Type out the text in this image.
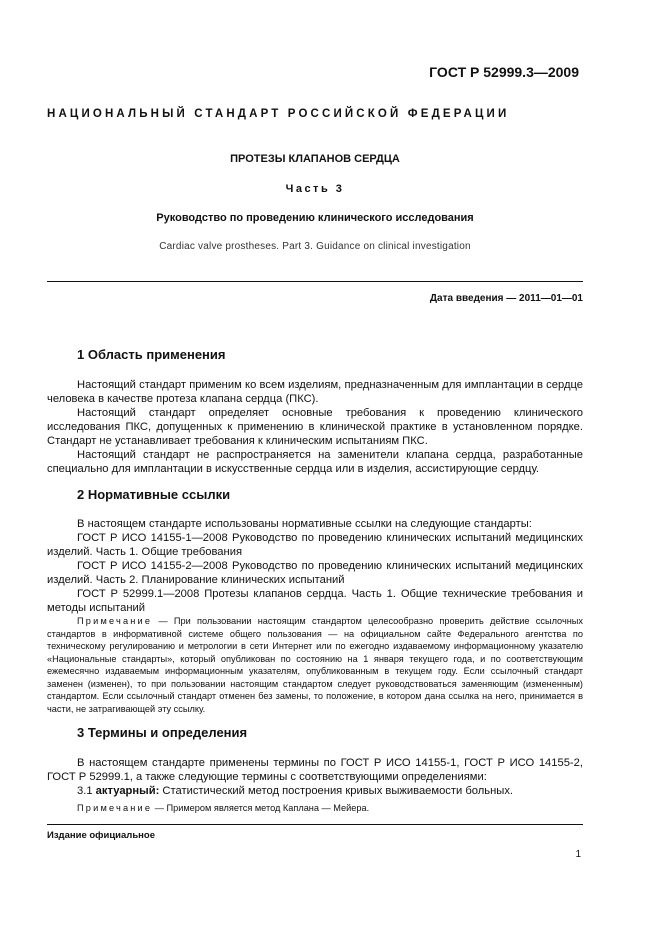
ГОСТ Р 52999.3—2009
НАЦИОНАЛЬНЫЙ СТАНДАРТ РОССИЙСКОЙ ФЕДЕРАЦИИ
ПРОТЕЗЫ КЛАПАНОВ СЕРДЦА
Часть 3
Руководство по проведению клинического исследования
Cardiac valve prostheses. Part 3. Guidance on clinical investigation
Дата введения — 2011—01—01
1 Область применения
Настоящий стандарт применим ко всем изделиям, предназначенным для имплантации в сердце человека в качестве протеза клапана сердца (ПКС).
Настоящий стандарт определяет основные требования к проведению клинического исследования ПКС, допущенных к применению в клинической практике в установленном порядке. Стандарт не устанавливает требования к клиническим испытаниям ПКС.
Настоящий стандарт не распространяется на заменители клапана сердца, разработанные специально для имплантации в искусственные сердца или в изделия, ассистирующие сердцу.
2 Нормативные ссылки
В настоящем стандарте использованы нормативные ссылки на следующие стандарты:
ГОСТ Р ИСО 14155-1—2008 Руководство по проведению клинических испытаний медицинских изделий. Часть 1. Общие требования
ГОСТ Р ИСО 14155-2—2008 Руководство по проведению клинических испытаний медицинских изделий. Часть 2. Планирование клинических испытаний
ГОСТ Р 52999.1—2008 Протезы клапанов сердца. Часть 1. Общие технические требования и методы испытаний
Примечание — При пользовании настоящим стандартом целесообразно проверить действие ссылочных стандартов в информативной системе общего пользования — на официальном сайте Федерального агентства по техническому регулированию и метрологии в сети Интернет или по ежегодно издаваемому информационному указателю «Национальные стандарты», который опубликован по состоянию на 1 января текущего года, и по соответствующим ежемесячно издаваемым информационным указателям, опубликованным в текущем году. Если ссылочный стандарт заменен (изменен), то при пользовании настоящим стандартом следует руководствоваться заменяющим (измененным) стандартом. Если ссылочный стандарт отменен без замены, то положение, в котором дана ссылка на него, принимается в части, не затрагивающей эту ссылку.
3 Термины и определения
В настоящем стандарте применены термины по ГОСТ Р ИСО 14155-1, ГОСТ Р ИСО 14155-2, ГОСТ Р 52999.1, а также следующие термины с соответствующими определениями:
3.1 актуарный: Статистический метод построения кривых выживаемости больных.
Примечание — Примером является метод Каплана — Мейера.
Издание официальное
1
